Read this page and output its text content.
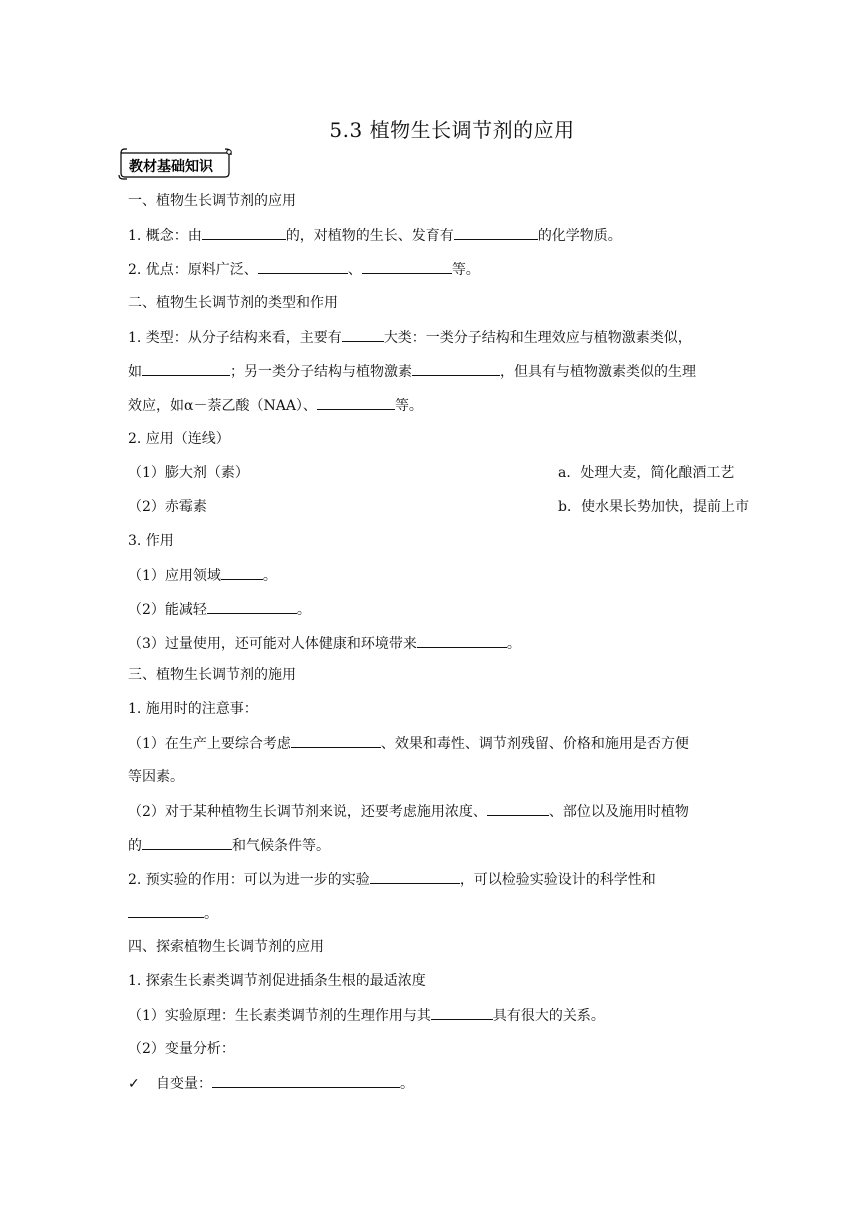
5.3 植物生长调节剂的应用
教材基础知识
一、植物生长调节剂的应用
1. 概念：由	的，对植物的生长、发育有	的化学物质。
2. 优点：原料广泛、	、	等。
二、植物生长调节剂的类型和作用
1. 类型：从分子结构来看，主要有	大类：一类分子结构和生理效应与植物激素类似，
如	；另一类分子结构与植物激素	，但具有与植物激素类似的生理
效应，如α－萘乙酸（NAA）、	等。
2. 应用（连线）
（1）膨大剂（素）	a．处理大麦，简化酿酒工艺
（2）赤霉素	b．使水果长势加快，提前上市
3. 作用
（1）应用领域	。
（2）能减轻	。
（3）过量使用，还可能对人体健康和环境带来	。
三、植物生长调节剂的施用
1. 施用时的注意事：
（1）在生产上要综合考虑	、效果和毒性、调节剂残留、价格和施用是否方便
等因素。
（2）对于某种植物生长调节剂来说，还要考虑施用浓度、	、部位以及施用时植物
的	和气候条件等。
2. 预实验的作用：可以为进一步的实验	，可以检验实验设计的科学性和
。
四、探索植物生长调节剂的应用
1. 探索生长素类调节剂促进插条生根的最适浓度
（1）实验原理：生长素类调节剂的生理作用与其	具有很大的关系。
（2）变量分析：
✓ 自变量：	。
